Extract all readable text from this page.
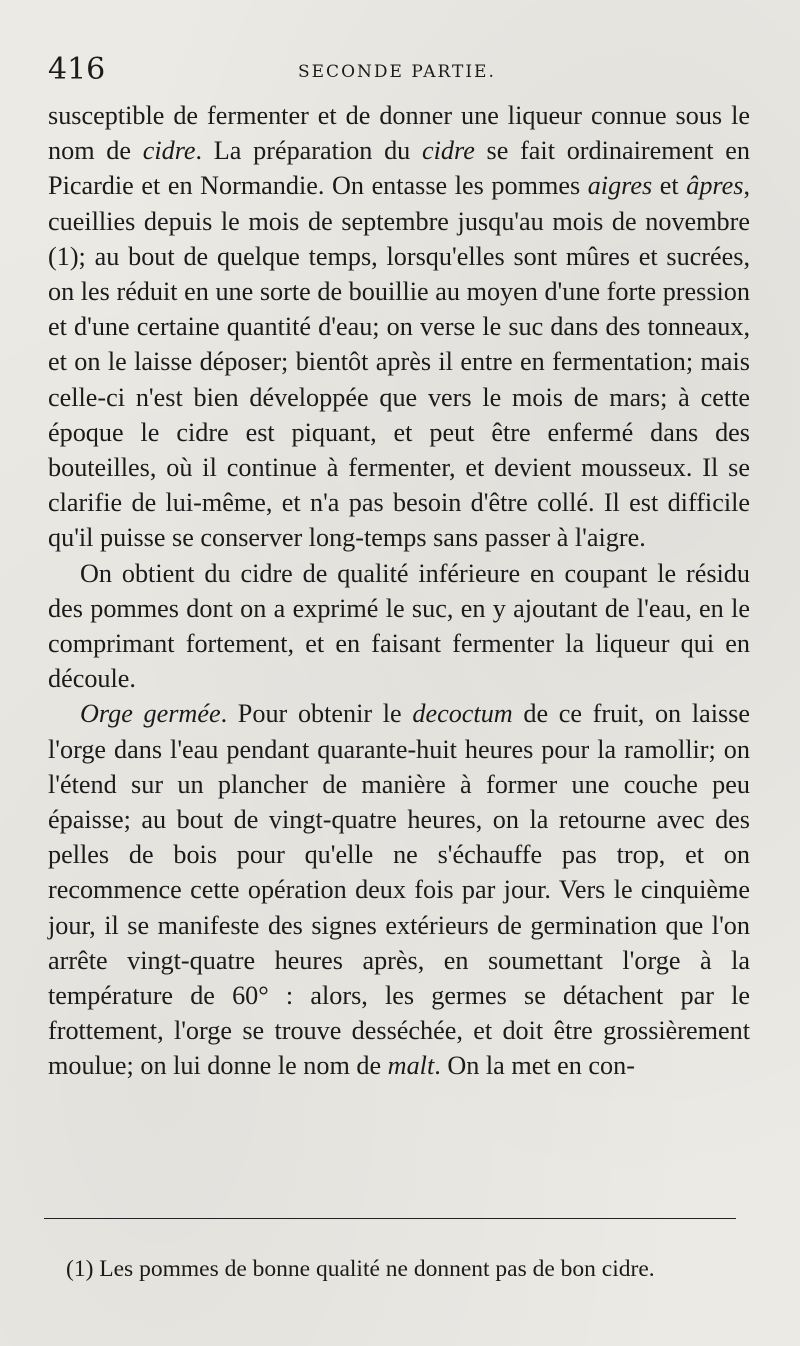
416	SECONDE PARTIE.

susceptible de fermenter et de donner une liqueur connue sous le nom de cidre. La préparation du cidre se fait ordinairement en Picardie et en Normandie. On entasse les pommes aigres et âpres, cueillies depuis le mois de septembre jusqu'au mois de novembre (1); au bout de quelque temps, lorsqu'elles sont mûres et sucrées, on les réduit en une sorte de bouillie au moyen d'une forte pression et d'une certaine quantité d'eau; on verse le suc dans des tonneaux, et on le laisse déposer; bientôt après il entre en fermentation; mais celle-ci n'est bien développée que vers le mois de mars; à cette époque le cidre est piquant, et peut être enfermé dans des bouteilles, où il continue à fermenter, et devient mousseux. Il se clarifie de lui-même, et n'a pas besoin d'être collé. Il est difficile qu'il puisse se conserver long-temps sans passer à l'aigre.

On obtient du cidre de qualité inférieure en coupant le résidu des pommes dont on a exprimé le suc, en y ajoutant de l'eau, en le comprimant fortement, et en faisant fermenter la liqueur qui en découle.

Orge germée. Pour obtenir le decoctum de ce fruit, on laisse l'orge dans l'eau pendant quarante-huit heures pour la ramollir; on l'étend sur un plancher de manière à former une couche peu épaisse; au bout de vingt-quatre heures, on la retourne avec des pelles de bois pour qu'elle ne s'échauffe pas trop, et on recommence cette opération deux fois par jour. Vers le cinquième jour, il se manifeste des signes extérieurs de germination que l'on arrête vingt-quatre heures après, en soumettant l'orge à la température de 60° : alors, les germes se détachent par le frottement, l'orge se trouve desséchée, et doit être grossièrement moulue; on lui donne le nom de malt. On la met en con-

(1) Les pommes de bonne qualité ne donnent pas de bon cidre.
